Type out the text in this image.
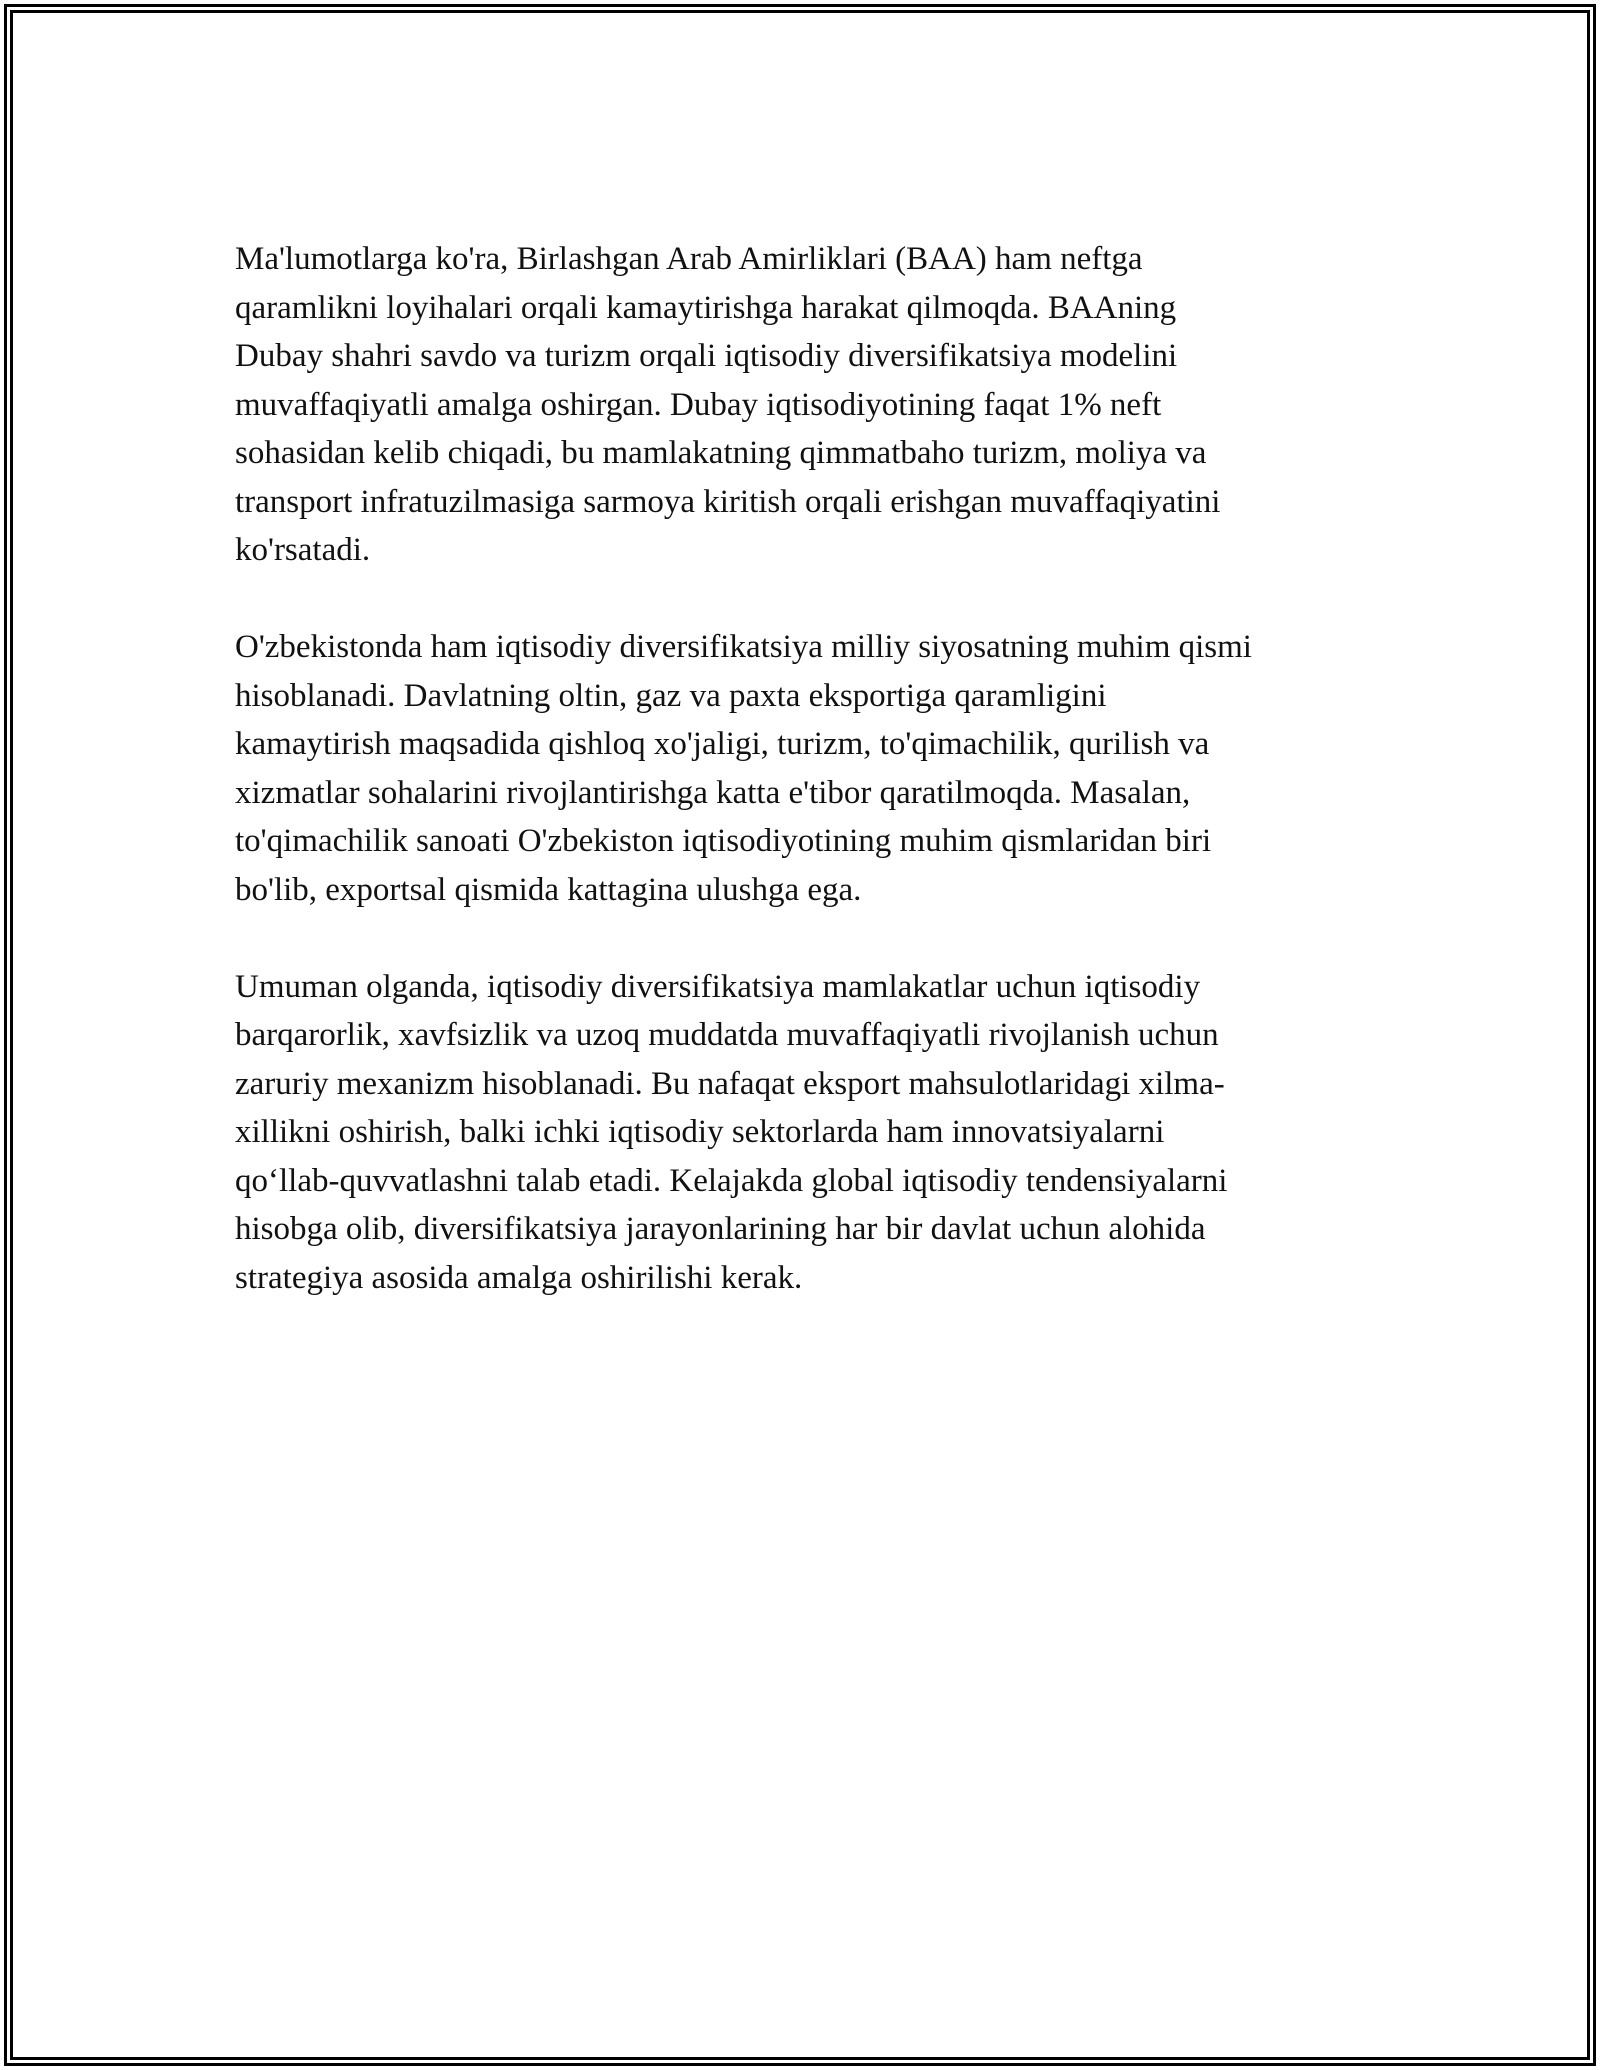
Ma'lumotlarga ko'ra, Birlashgan Arab Amirliklari (BAA) ham neftga
qaramlikni loyihalari orqali kamaytirishga harakat qilmoqda. BAAning
Dubay shahri savdo va turizm orqali iqtisodiy diversifikatsiya modelini
muvaffaqiyatli amalga oshirgan. Dubay iqtisodiyotining faqat 1% neft
sohasidan kelib chiqadi, bu mamlakatning qimmatbaho turizm, moliya va
transport infratuzilmasiga sarmoya kiritish orqali erishgan muvaffaqiyatini
ko'rsatadi.

O'zbekistonda ham iqtisodiy diversifikatsiya milliy siyosatning muhim qismi
hisoblanadi. Davlatning oltin, gaz va paxta eksportiga qaramligini
kamaytirish maqsadida qishloq xo'jaligi, turizm, to'qimachilik, qurilish va
xizmatlar sohalarini rivojlantirishga katta e'tibor qaratilmoqda. Masalan,
to'qimachilik sanoati O'zbekiston iqtisodiyotining muhim qismlaridan biri
bo'lib, exportsal qismida kattagina ulushga ega.

Umuman olganda, iqtisodiy diversifikatsiya mamlakatlar uchun iqtisodiy
barqarorlik, xavfsizlik va uzoq muddatda muvaffaqiyatli rivojlanish uchun
zaruriy mexanizm hisoblanadi. Bu nafaqat eksport mahsulotlaridagi xilma-
xillikni oshirish, balki ichki iqtisodiy sektorlarda ham innovatsiyalarni
qo‘llab-quvvatlashni talab etadi. Kelajakda global iqtisodiy tendensiyalarni
hisobga olib, diversifikatsiya jarayonlarining har bir davlat uchun alohida
strategiya asosida amalga oshirilishi kerak.
